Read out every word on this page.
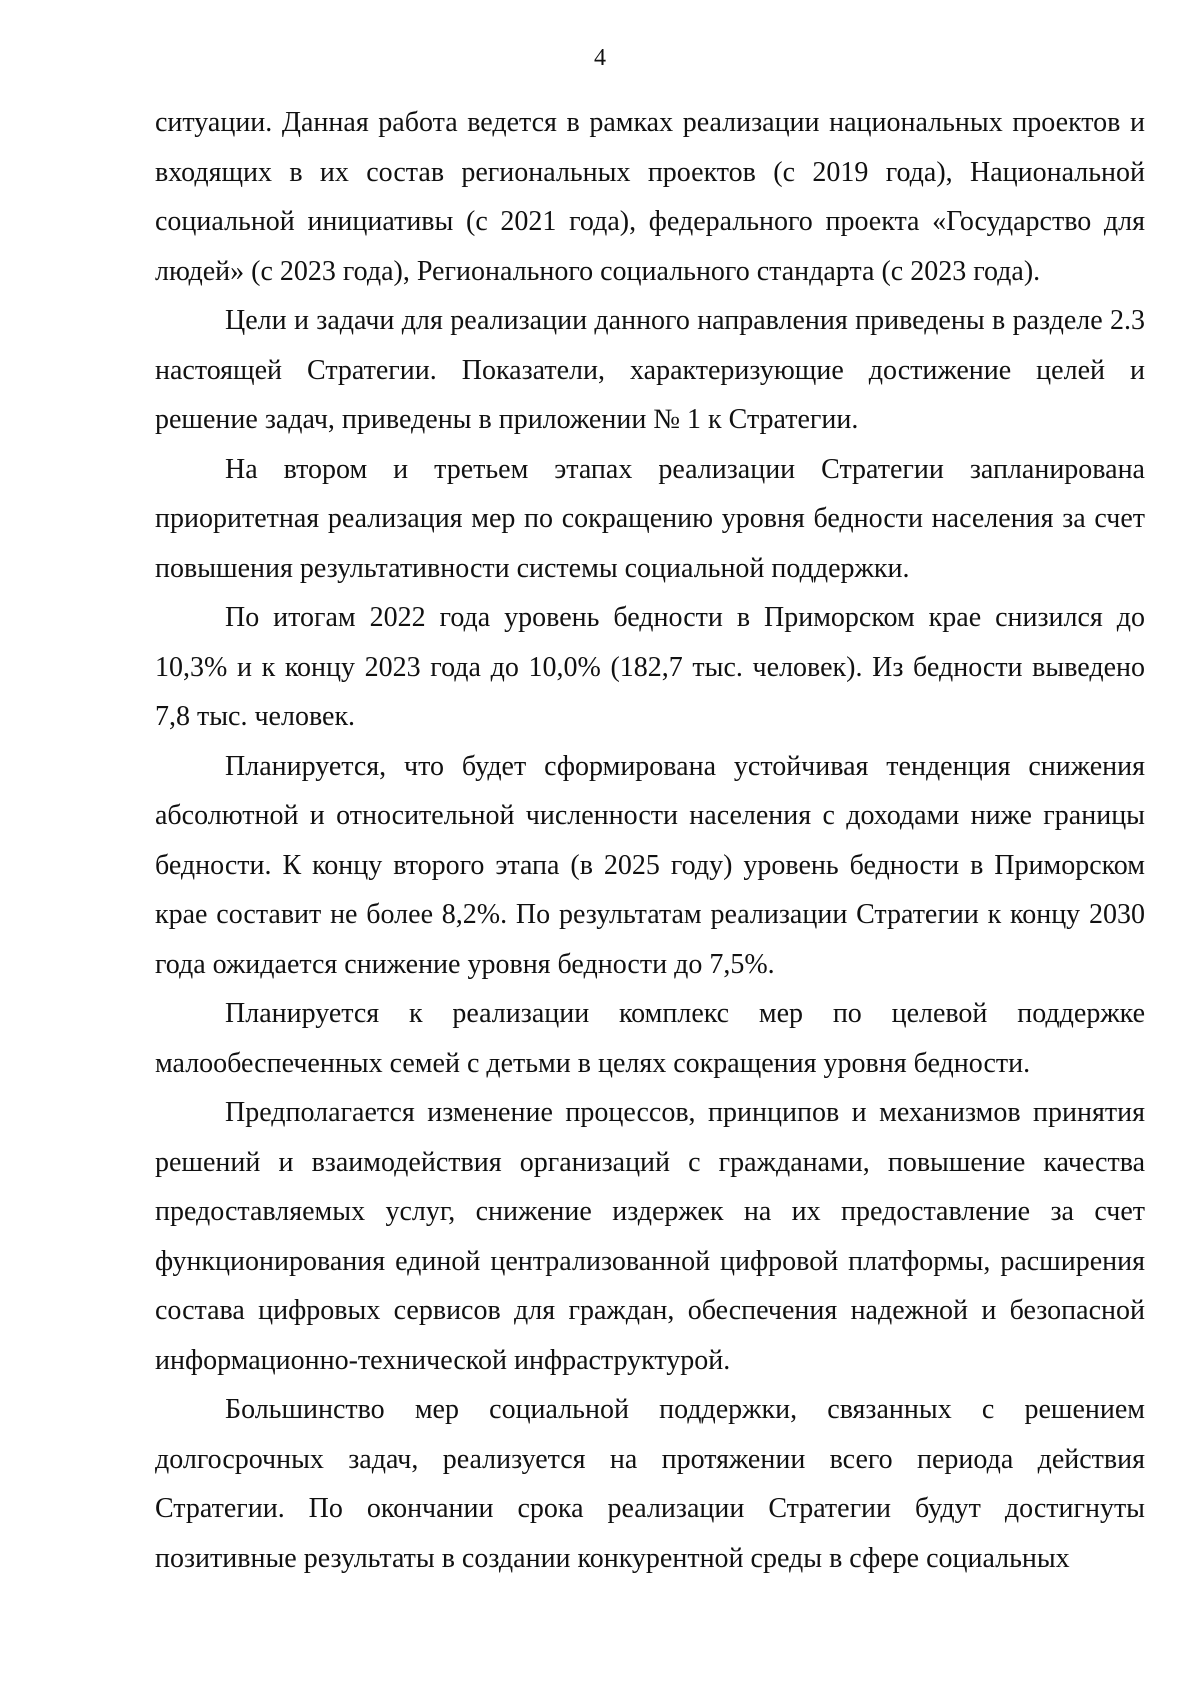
4

ситуации. Данная работа ведется в рамках реализации национальных проектов и входящих в их состав региональных проектов (с 2019 года), Национальной социальной инициативы (с 2021 года), федерального проекта «Государство для людей» (с 2023 года), Регионального социального стандарта (с 2023 года).

Цели и задачи для реализации данного направления приведены в разделе 2.3 настоящей Стратегии. Показатели, характеризующие достижение целей и решение задач, приведены в приложении № 1 к Стратегии.

На втором и третьем этапах реализации Стратегии запланирована приоритетная реализация мер по сокращению уровня бедности населения за счет повышения результативности системы социальной поддержки.

По итогам 2022 года уровень бедности в Приморском крае снизился до 10,3% и к концу 2023 года до 10,0% (182,7 тыс. человек). Из бедности выведено 7,8 тыс. человек.

Планируется, что будет сформирована устойчивая тенденция снижения абсолютной и относительной численности населения с доходами ниже границы бедности. К концу второго этапа (в 2025 году) уровень бедности в Приморском крае составит не более 8,2%. По результатам реализации Стратегии к концу 2030 года ожидается снижение уровня бедности до 7,5%.

Планируется к реализации комплекс мер по целевой поддержке малообеспеченных семей с детьми в целях сокращения уровня бедности.

Предполагается изменение процессов, принципов и механизмов принятия решений и взаимодействия организаций с гражданами, повышение качества предоставляемых услуг, снижение издержек на их предоставление за счет функционирования единой централизованной цифровой платформы, расширения состава цифровых сервисов для граждан, обеспечения надежной и безопасной информационно-технической инфраструктурой.

Большинство мер социальной поддержки, связанных с решением долгосрочных задач, реализуется на протяжении всего периода действия Стратегии. По окончании срока реализации Стратегии будут достигнуты позитивные результаты в создании конкурентной среды в сфере социальных
